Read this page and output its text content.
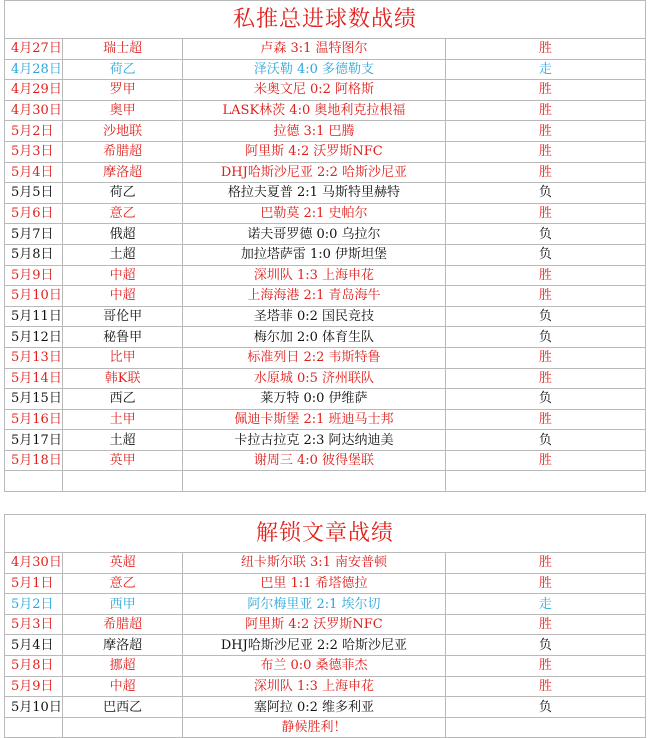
私推总进球数战绩			
4月27日	瑞士超	卢森 3:1 温特图尔	胜
4月28日	荷乙	泽沃勒 4:0 多德勒支	走
4月29日	罗甲	米奥文尼 0:2 阿格斯	胜
4月30日	奥甲	LASK林茨 4:0 奥地利克拉根福	胜
5月2日	沙地联	拉德 3:1 巴腾	胜
5月3日	希腊超	阿里斯 4:2 沃罗斯NFC	胜
5月4日	摩洛超	DHJ哈斯沙尼亚 2:2 哈斯沙尼亚	胜
5月5日	荷乙	格拉夫夏普 2:1 马斯特里赫特	负
5月6日	意乙	巴勒莫 2:1 史帕尔	胜
5月7日	俄超	诺夫哥罗德 0:0 乌拉尔	负
5月8日	土超	加拉塔萨雷 1:0 伊斯坦堡	负
5月9日	中超	深圳队 1:3 上海申花	胜
5月10日	中超	上海海港 2:1 青岛海牛	胜
5月11日	哥伦甲	圣塔菲 0:2 国民竞技	负
5月12日	秘鲁甲	梅尔加 2:0 体育生队	负
5月13日	比甲	标准列日 2:2 韦斯特鲁	胜
5月14日	韩K联	水原城 0:5 济州联队	胜
5月15日	西乙	莱万特 0:0 伊维萨	负
5月16日	土甲	佩迪卡斯堡 2:1 班迪马士邦	胜
5月17日	土超	卡拉古拉克 2:3 阿达纳迪美	负
5月18日	英甲	谢周三 4:0 彼得堡联	胜

解锁文章战绩			
4月30日	英超	纽卡斯尔联 3:1 南安普顿	胜
5月1日	意乙	巴里 1:1 希塔德拉	胜
5月2日	西甲	阿尔梅里亚 2:1 埃尔切	走
5月3日	希腊超	阿里斯 4:2 沃罗斯NFC	胜
5月4日	摩洛超	DHJ哈斯沙尼亚 2:2 哈斯沙尼亚	负
5月8日	挪超	布兰 0:0 桑德菲杰	胜
5月9日	中超	深圳队 1:3 上海申花	胜
5月10日	巴西乙	塞阿拉 0:2 维多利亚	负
		静候胜利！	
